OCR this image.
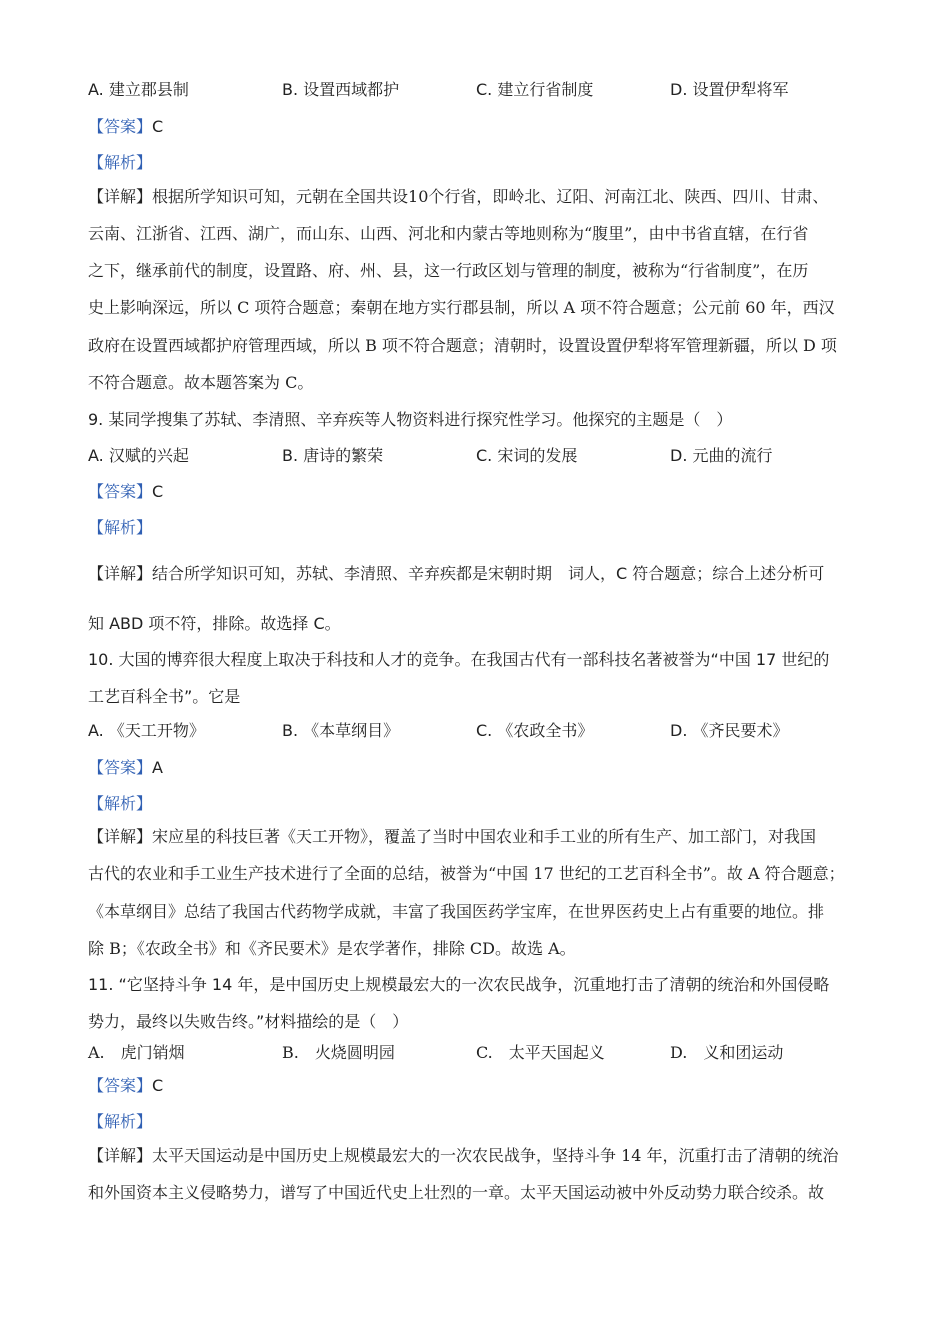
A. 建立郡县制	B. 设置西域都护	C. 建立行省制度	D. 设置伊犁将军
【答案】C
【解析】
【详解】根据所学知识可知，元朝在全国共设10个行省，即岭北、辽阳、河南江北、陕西、四川、甘肃、
云南、江浙省、江西、湖广，而山东、山西、河北和内蒙古等地则称为“腹里”，由中书省直辖，在行省
之下，继承前代的制度，设置路、府、州、县，这一行政区划与管理的制度，被称为“行省制度”，在历
史上影响深远，所以 C 项符合题意；秦朝在地方实行郡县制，所以 A 项不符合题意；公元前 60 年，西汉
政府在设置西域都护府管理西域，所以 B 项不符合题意；清朝时，设置设置伊犁将军管理新疆，所以 D 项
不符合题意。故本题答案为 C。
9. 某同学搜集了苏轼、李清照、辛弃疾等人物资料进行探究性学习。他探究的主题是（　）
A. 汉赋的兴起	B. 唐诗的繁荣	C. 宋词的发展	D. 元曲的流行
【答案】C
【解析】
【详解】结合所学知识可知，苏轼、李清照、辛弃疾都是宋朝时期　词人，C 符合题意；综合上述分析可
知 ABD 项不符，排除。故选择 C。
10. 大国的博弈很大程度上取决于科技和人才的竞争。在我国古代有一部科技名著被誉为“中国 17 世纪的
工艺百科全书”。它是
A. 《天工开物》	B. 《本草纲目》	C. 《农政全书》	D. 《齐民要术》
【答案】A
【解析】
【详解】宋应星的科技巨著《天工开物》，覆盖了当时中国农业和手工业的所有生产、加工部门，对我国
古代的农业和手工业生产技术进行了全面的总结，被誉为“中国 17 世纪的工艺百科全书”。故 A 符合题意；
《本草纲目》总结了我国古代药物学成就，丰富了我国医药学宝库，在世界医药史上占有重要的地位。排
除 B；《农政全书》和《齐民要术》是农学著作，排除 CD。故选 A。
11. “它坚持斗争 14 年，是中国历史上规模最宏大的一次农民战争，沉重地打击了清朝的统治和外国侵略
势力，最终以失败告终。”材料描绘的是（　）
A.　虎门销烟	B.　火烧圆明园	C.　太平天国起义	D.　义和团运动
【答案】C
【解析】
【详解】太平天国运动是中国历史上规模最宏大的一次农民战争，坚持斗争 14 年，沉重打击了清朝的统治
和外国资本主义侵略势力，谱写了中国近代史上壮烈的一章。太平天国运动被中外反动势力联合绞杀。故
